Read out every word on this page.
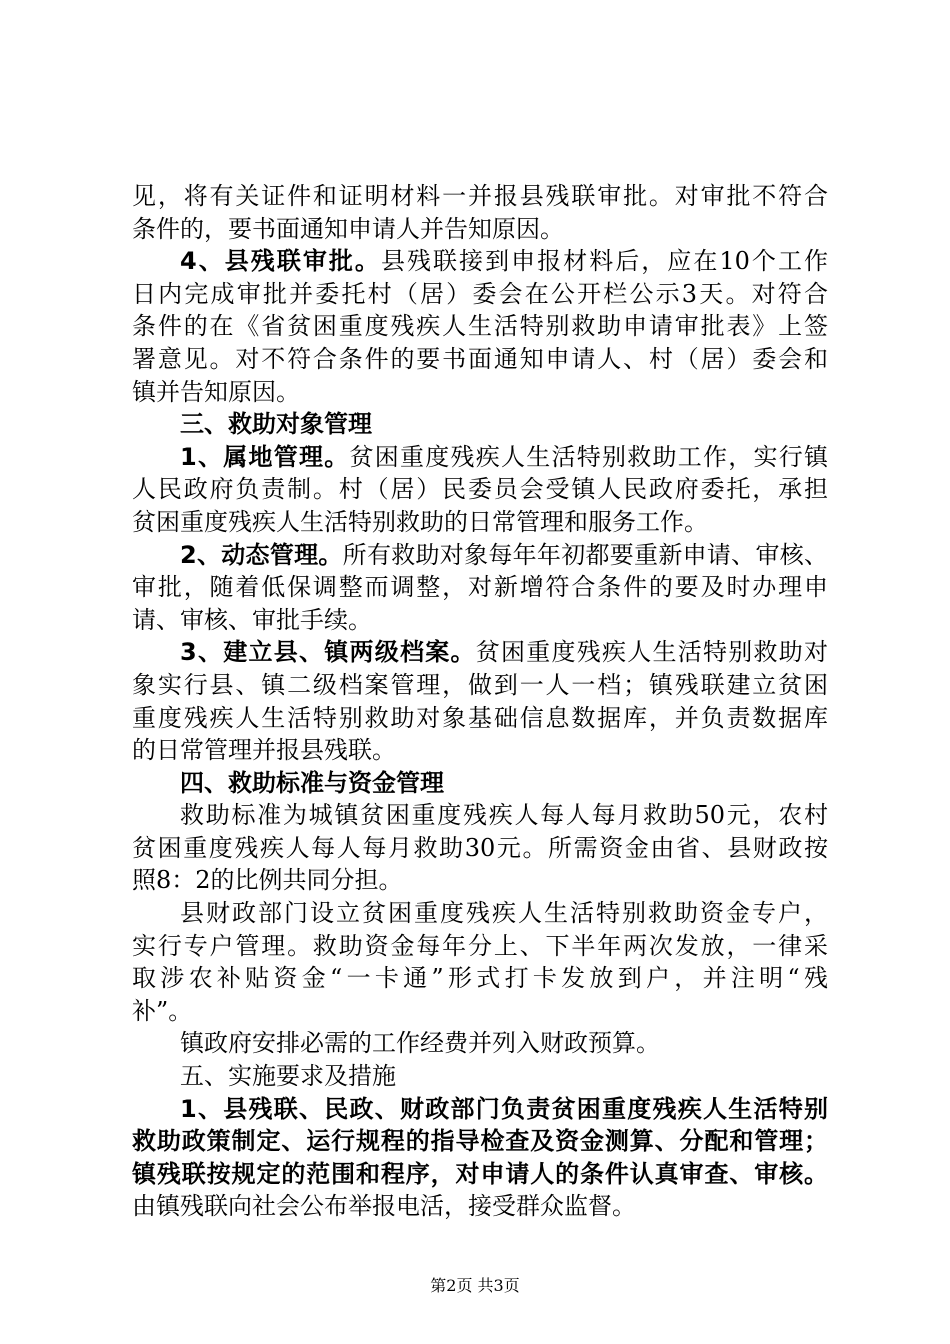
见，将有关证件和证明材料一并报县残联审批。对审批不符合
条件的，要书面通知申请人并告知原因。
4、县残联审批。县残联接到申报材料后，应在10个工作
日内完成审批并委托村（居）委会在公开栏公示3天。对符合
条件的在《省贫困重度残疾人生活特别救助申请审批表》上签
署意见。对不符合条件的要书面通知申请人、村（居）委会和
镇并告知原因。
三、救助对象管理
1、属地管理。贫困重度残疾人生活特别救助工作，实行镇
人民政府负责制。村（居）民委员会受镇人民政府委托，承担
贫困重度残疾人生活特别救助的日常管理和服务工作。
2、动态管理。所有救助对象每年年初都要重新申请、审核、
审批，随着低保调整而调整，对新增符合条件的要及时办理申
请、审核、审批手续。
3、建立县、镇两级档案。贫困重度残疾人生活特别救助对
象实行县、镇二级档案管理，做到一人一档；镇残联建立贫困
重度残疾人生活特别救助对象基础信息数据库，并负责数据库
的日常管理并报县残联。
四、救助标准与资金管理
救助标准为城镇贫困重度残疾人每人每月救助50元，农村
贫困重度残疾人每人每月救助30元。所需资金由省、县财政按
照8：2的比例共同分担。
县财政部门设立贫困重度残疾人生活特别救助资金专户，
实行专户管理。救助资金每年分上、下半年两次发放，一律采
取涉农补贴资金“一卡通”形式打卡发放到户，并注明“残
补”。
镇政府安排必需的工作经费并列入财政预算。
五、实施要求及措施
1、县残联、民政、财政部门负责贫困重度残疾人生活特别
救助政策制定、运行规程的指导检查及资金测算、分配和管理；
镇残联按规定的范围和程序，对申请人的条件认真审查、审核。
由镇残联向社会公布举报电活，接受群众监督。
第2页 共3页
